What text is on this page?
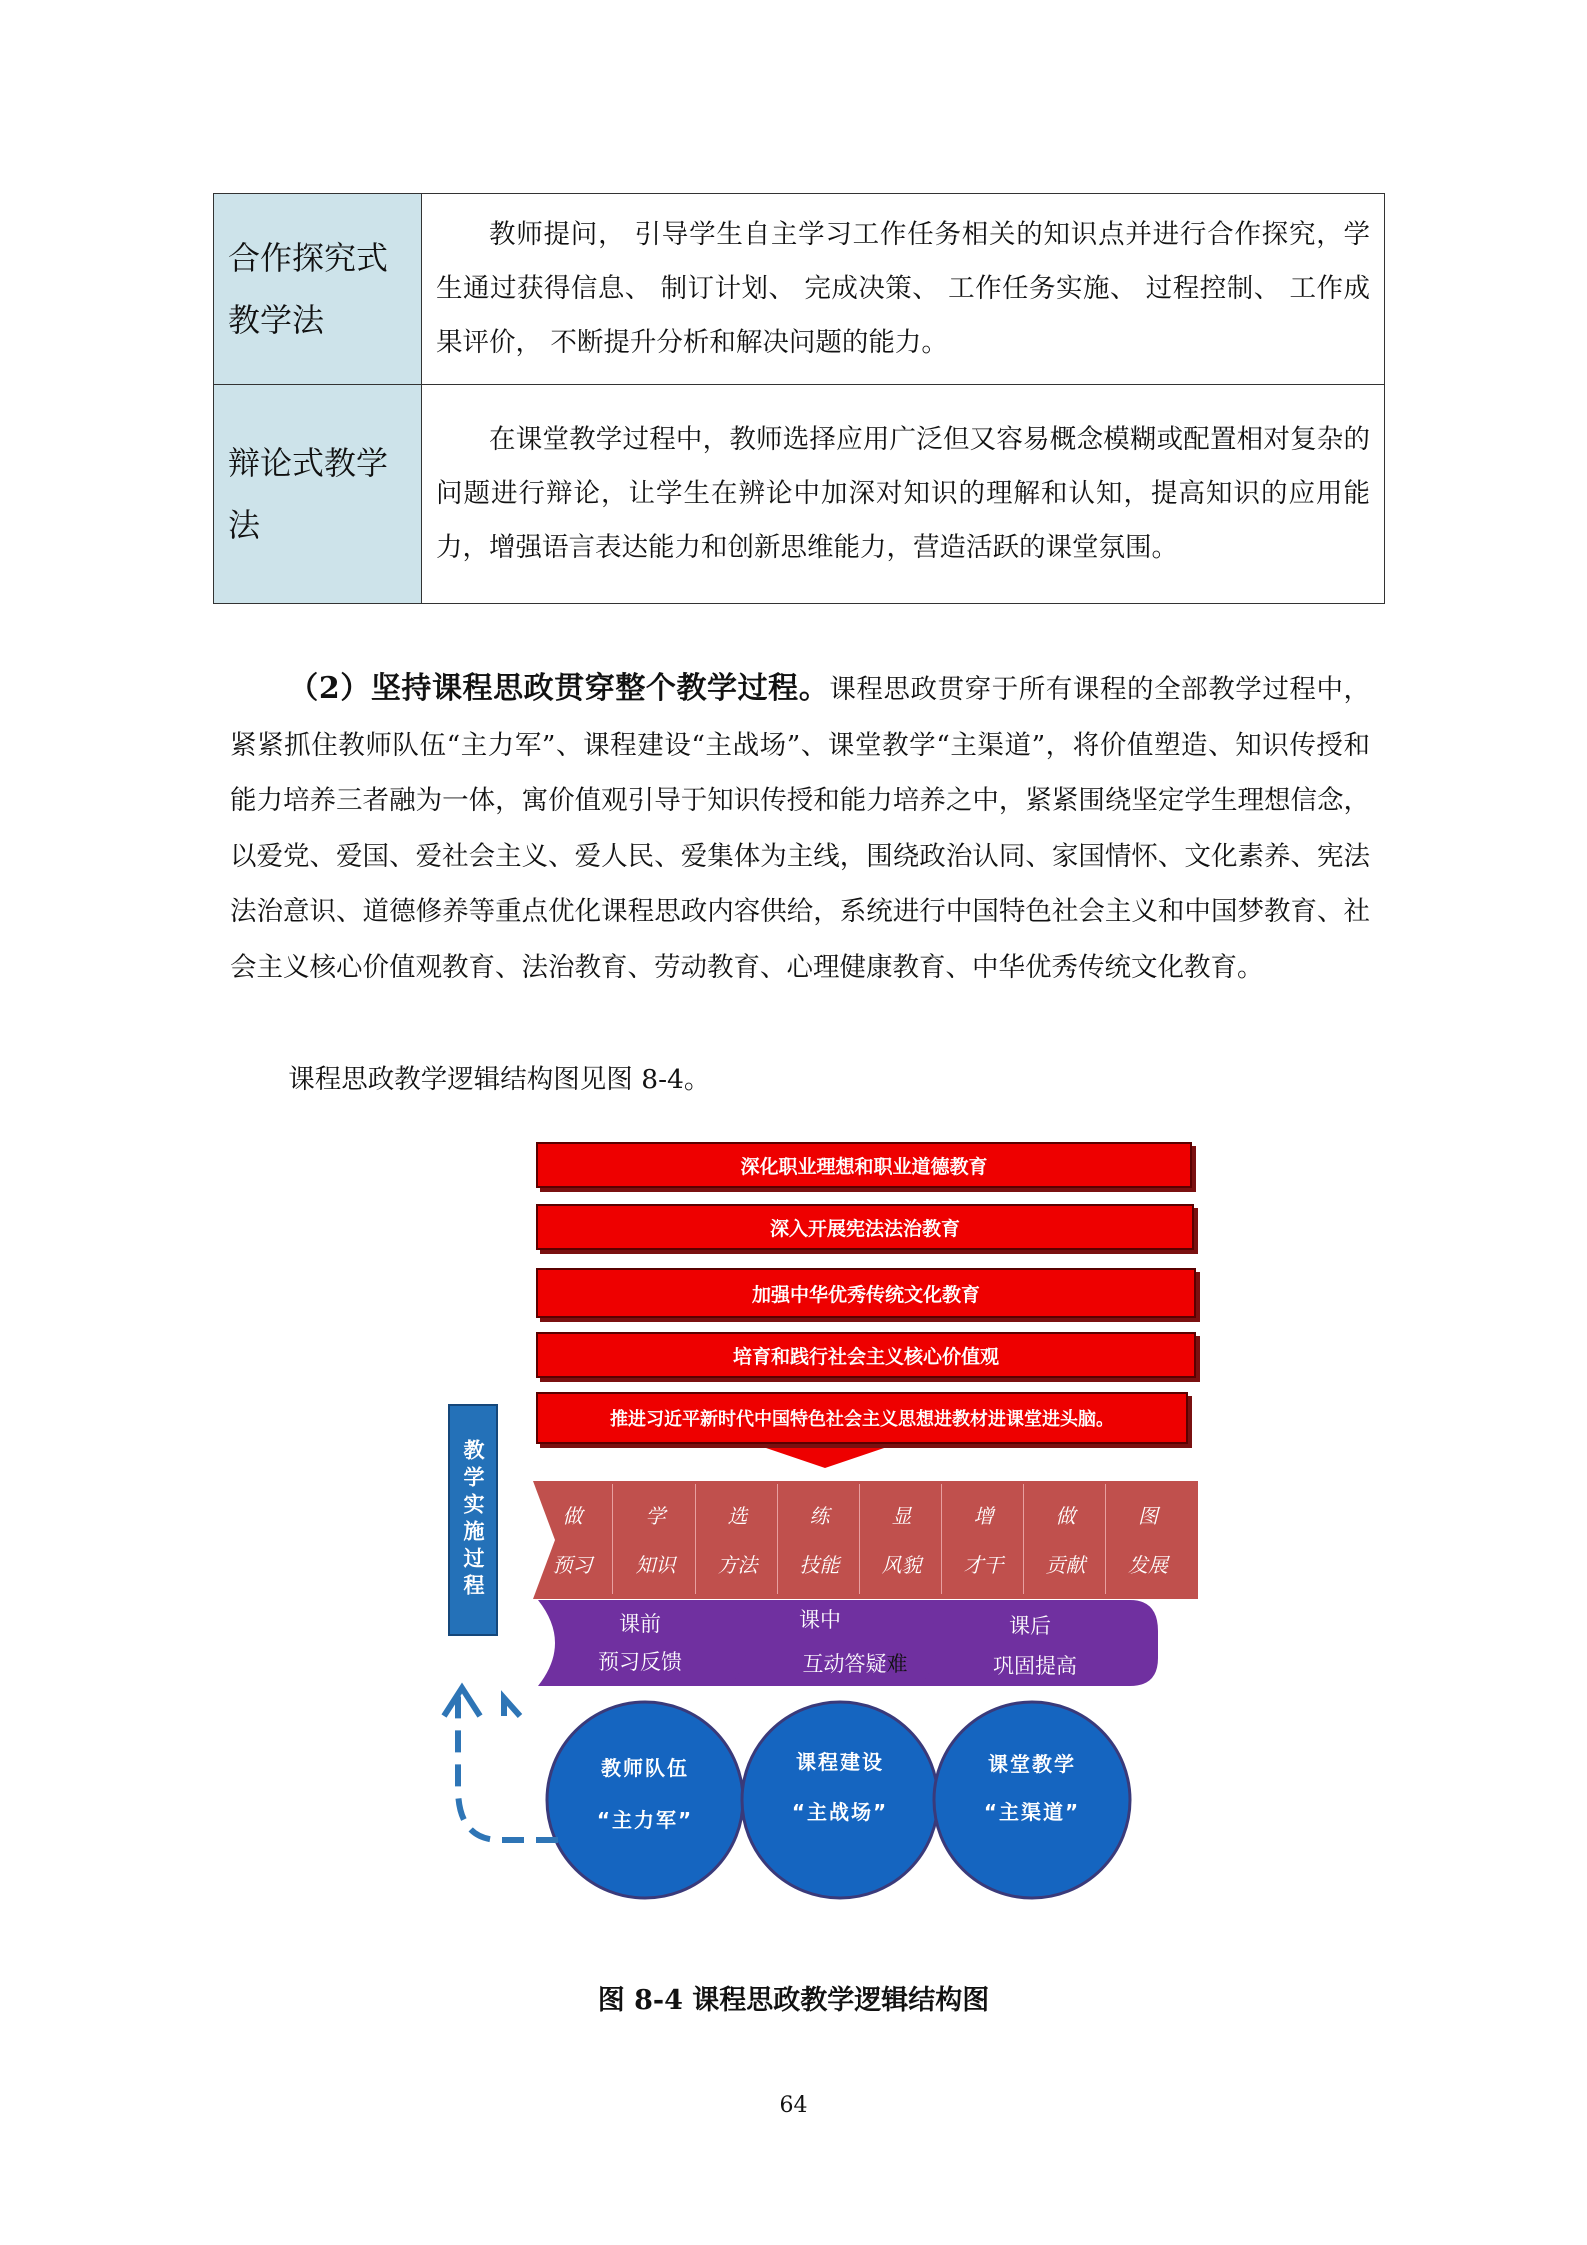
合作探究式教学法	教师提问， 引导学生自主学习工作任务相关的知识点并进行合作探究，学生通过获得信息、 制订计划、 完成决策、 工作任务实施、 过程控制、 工作成果评价， 不断提升分析和解决问题的能力。
辩论式教学法	在课堂教学过程中，教师选择应用广泛但又容易概念模糊或配置相对复杂的问题进行辩论，让学生在辨论中加深对知识的理解和认知，提高知识的应用能力，增强语言表达能力和创新思维能力，营造活跃的课堂氛围。

（2）坚持课程思政贯穿整个教学过程。课程思政贯穿于所有课程的全部教学过程中，紧紧抓住教师队伍“主力军”、课程建设“主战场”、课堂教学“主渠道”，将价值塑造、知识传授和能力培养三者融为一体，寓价值观引导于知识传授和能力培养之中，紧紧围绕坚定学生理想信念，以爱党、爱国、爱社会主义、爱人民、爱集体为主线，围绕政治认同、家国情怀、文化素养、宪法法治意识、道德修养等重点优化课程思政内容供给，系统进行中国特色社会主义和中国梦教育、社会主义核心价值观教育、法治教育、劳动教育、心理健康教育、中华优秀传统文化教育。

课程思政教学逻辑结构图见图 8-4。

深化职业理想和职业道德教育
深入开展宪法法治教育
加强中华优秀传统文化教育
培育和践行社会主义核心价值观
推进习近平新时代中国特色社会主义思想进教材进课堂进头脑。
教学实施过程	做
预习
学
知识
选
方法
练
技能
显
风貌
增
才干
做
贡献
图
发展
课前
预习反馈
课中
互动答疑难
课后
巩固提高
教师队伍
“主力军”
课程建设
“主战场”
课堂教学
“主渠道”

图 8-4 课程思政教学逻辑结构图

64
